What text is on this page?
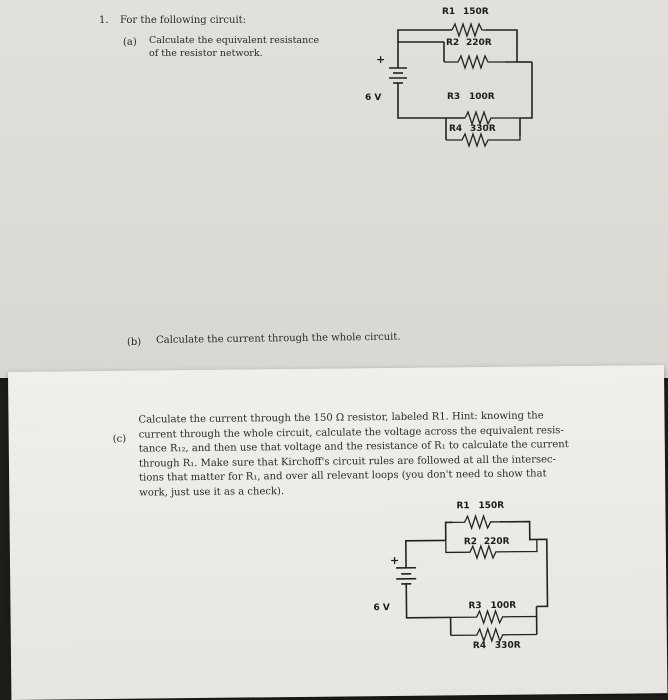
1. For the following circuit:
(a) Calculate the equivalent resistance
of the resistor network.
(b) Calculate the current through the whole circuit.
+
6 V
R1 150R
R2 220R
R3 100R
R4 330R
(c)
Calculate the current through the 150 Ω resistor, labeled R1. Hint: knowing the
current through the whole circuit, calculate the voltage across the equivalent resis-
tance R₁₂, and then use that voltage and the resistance of R₁ to calculate the current
through R₁. Make sure that Kirchoff's circuit rules are followed at all the intersec-
tions that matter for R₁, and over all relevant loops (you don't need to show that
work, just use it as a check).
+
6 V
R1 150R
R2 220R
R3 100R
R4 330R
